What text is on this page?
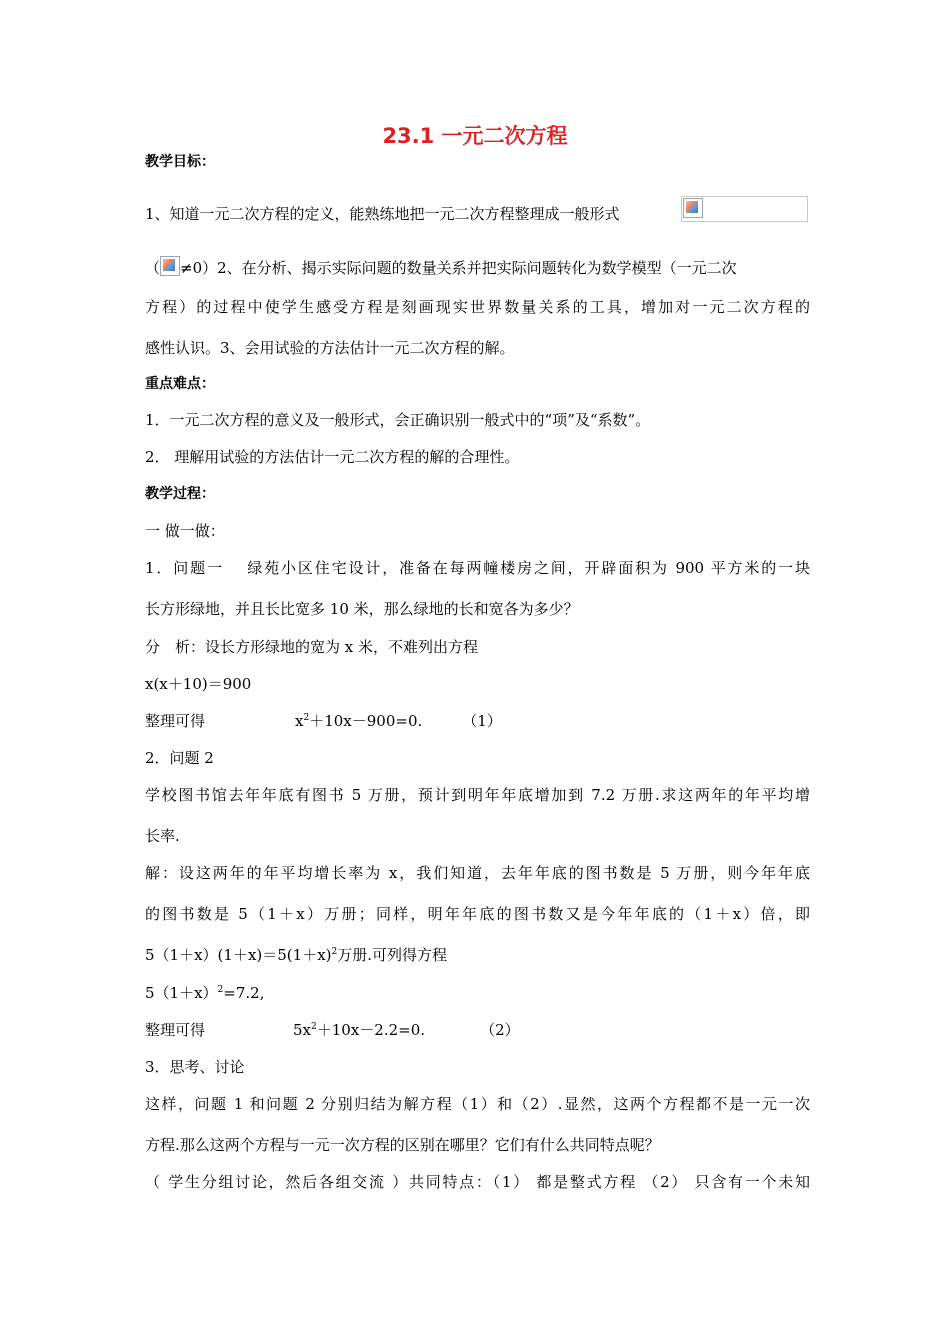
23.1 一元二次方程
教学目标：
1、知道一元二次方程的定义，能熟练地把一元二次方程整理成一般形式
（ ≠0）2、在分析、揭示实际问题的数量关系并把实际问题转化为数学模型（一元二次
方程）的过程中使学生感受方程是刻画现实世界数量关系的工具，增加对一元二次方程的
感性认识。3、会用试验的方法估计一元二次方程的解。
重点难点：
1．一元二次方程的意义及一般形式，会正确识别一般式中的“项”及“系数”。
2． 理解用试验的方法估计一元二次方程的解的合理性。
教学过程：
一 做一做：
1．问题一 　绿苑小区住宅设计，准备在每两幢楼房之间，开辟面积为 900 平方米的一块
长方形绿地，并且长比宽多 10 米，那么绿地的长和宽各为多少？
分　析：设长方形绿地的宽为 x 米，不难列出方程
x(x＋10)＝900
整理可得	$x^2+10x-900=0$.	（1）
2．问题 2
学校图书馆去年年底有图书 5 万册，预计到明年年底增加到 7.2 万册.求这两年的年平均增
长率.
解：设这两年的年平均增长率为 x，我们知道，去年年底的图书数是 5 万册，则今年年底
的图书数是 5（1＋x）万册；同样，明年年底的图书数又是今年年底的（1＋x）倍，即
$5(1+x)(1+x)=5(1+x)^2$万册.可列得方程
$5(1+x)^2=7.2$,
整理可得	$5x^2+10x-2.2=0$.	（2）
3．思考、讨论
这样，问题 1 和问题 2 分别归结为解方程（1）和（2）.显然，这两个方程都不是一元一次
方程.那么这两个方程与一元一次方程的区别在哪里？它们有什么共同特点呢？
（ 学生分组讨论，然后各组交流 ）共同特点：（1） 都是整式方程 （2） 只含有一个未知
